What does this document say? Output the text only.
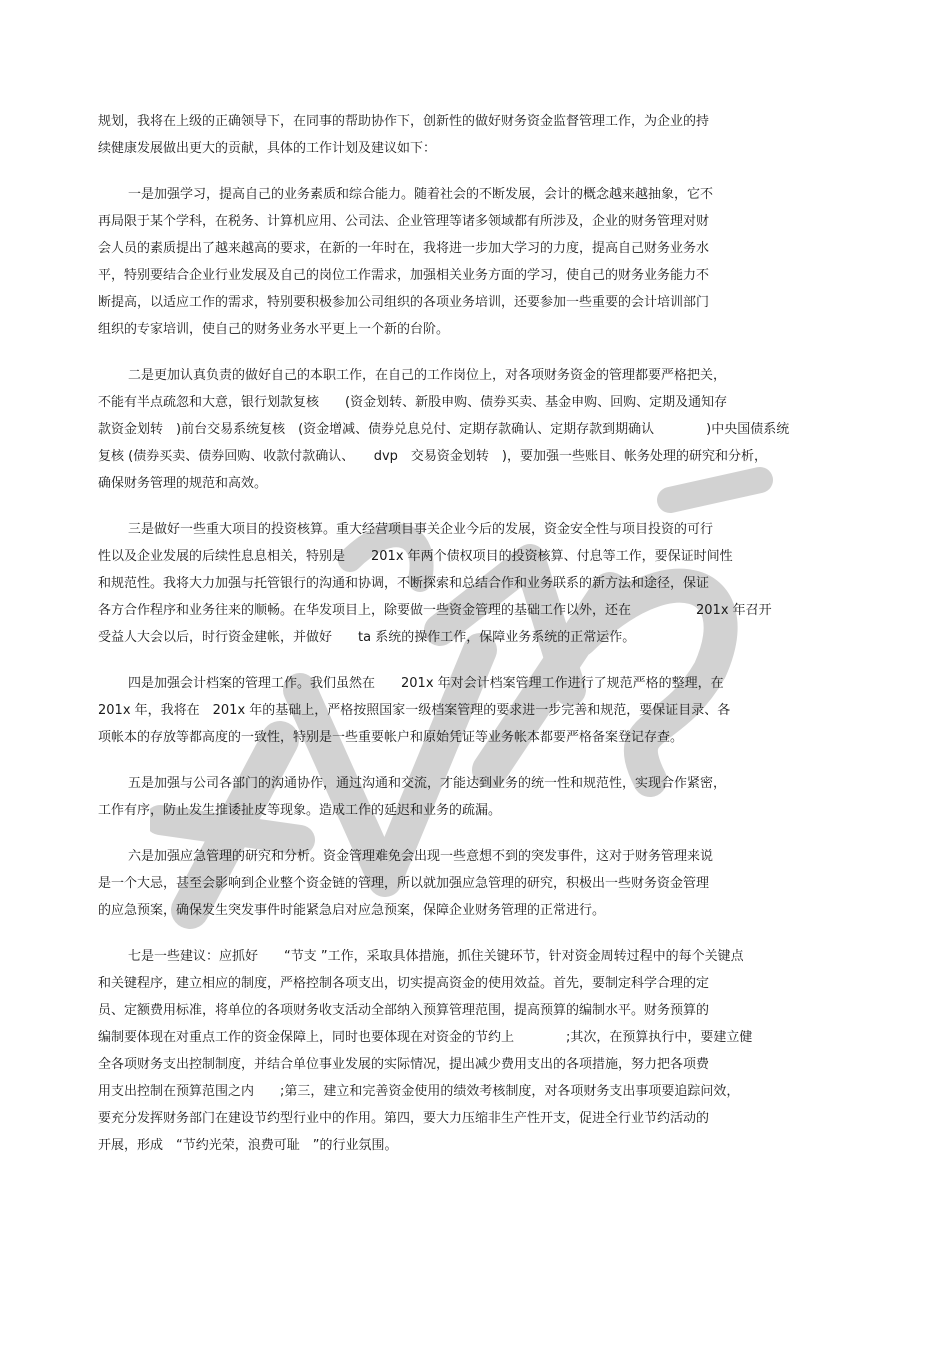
规划，我将在上级的正确领导下，在同事的帮助协作下，创新性的做好财务资金监督管理工作，为企业的持
续健康发展做出更大的贡献，具体的工作计划及建议如下：
一是加强学习，提高自己的业务素质和综合能力。随着社会的不断发展，会计的概念越来越抽象，它不
再局限于某个学科，在税务、计算机应用、公司法、企业管理等诸多领域都有所涉及，企业的财务管理对财
会人员的素质提出了越来越高的要求，在新的一年时在，我将进一步加大学习的力度，提高自己财务业务水
平，特别要结合企业行业发展及自己的岗位工作需求，加强相关业务方面的学习，使自己的财务业务能力不
断提高，以适应工作的需求，特别要积极参加公司组织的各项业务培训，还要参加一些重要的会计培训部门
组织的专家培训，使自己的财务业务水平更上一个新的台阶。
二是更加认真负责的做好自己的本职工作，在自己的工作岗位上，对各项财务资金的管理都要严格把关，
不能有半点疏忽和大意，银行划款复核　　(资金划转、新股申购、债券买卖、基金申购、回购、定期及通知存
款资金划转　)前台交易系统复核　(资金增减、债券兑息兑付、定期存款确认、定期存款到期确认　　　　)中央国债系统
复核 (债券买卖、债券回购、收款付款确认、　　dvp　交易资金划转　)，要加强一些账目、帐务处理的研究和分析，
确保财务管理的规范和高效。
三是做好一些重大项目的投资核算。重大经营项目事关企业今后的发展，资金安全性与项目投资的可行
性以及企业发展的后续性息息相关，特别是　　201x 年两个债权项目的投资核算、付息等工作，要保证时间性
和规范性。我将大力加强与托管银行的沟通和协调，不断探索和总结合作和业务联系的新方法和途径，保证
各方合作程序和业务往来的顺畅。在华发项目上，除要做一些资金管理的基础工作以外，还在　　　　　201x 年召开
受益人大会以后，时行资金建帐，并做好　　ta 系统的操作工作，保障业务系统的正常运作。
四是加强会计档案的管理工作。我们虽然在　　201x 年对会计档案管理工作进行了规范严格的整理，在
201x 年，我将在　201x 年的基础上，严格按照国家一级档案管理的要求进一步完善和规范，要保证目录、各
项帐本的存放等都高度的一致性，特别是一些重要帐户和原始凭证等业务帐本都要严格备案登记存查。
五是加强与公司各部门的沟通协作，通过沟通和交流，才能达到业务的统一性和规范性，实现合作紧密，
工作有序，防止发生推诿扯皮等现象。造成工作的延迟和业务的疏漏。
六是加强应急管理的研究和分析。资金管理难免会出现一些意想不到的突发事件，这对于财务管理来说
是一个大忌，甚至会影响到企业整个资金链的管理，所以就加强应急管理的研究，积极出一些财务资金管理
的应急预案，确保发生突发事件时能紧急启对应急预案，保障企业财务管理的正常进行。
七是一些建议：应抓好　　“节支 ”工作，采取具体措施，抓住关键环节，针对资金周转过程中的每个关键点
和关键程序，建立相应的制度，严格控制各项支出，切实提高资金的使用效益。首先，要制定科学合理的定
员、定额费用标准，将单位的各项财务收支活动全部纳入预算管理范围，提高预算的编制水平。财务预算的
编制要体现在对重点工作的资金保障上，同时也要体现在对资金的节约上　　　　;其次，在预算执行中，要建立健
全各项财务支出控制制度，并结合单位事业发展的实际情况，提出减少费用支出的各项措施，努力把各项费
用支出控制在预算范围之内　　;第三，建立和完善资金使用的绩效考核制度，对各项财务支出事项要追踪问效，
要充分发挥财务部门在建设节约型行业中的作用。第四，要大力压缩非生产性开支，促进全行业节约活动的
开展，形成　“节约光荣，浪费可耻　”的行业氛围。
